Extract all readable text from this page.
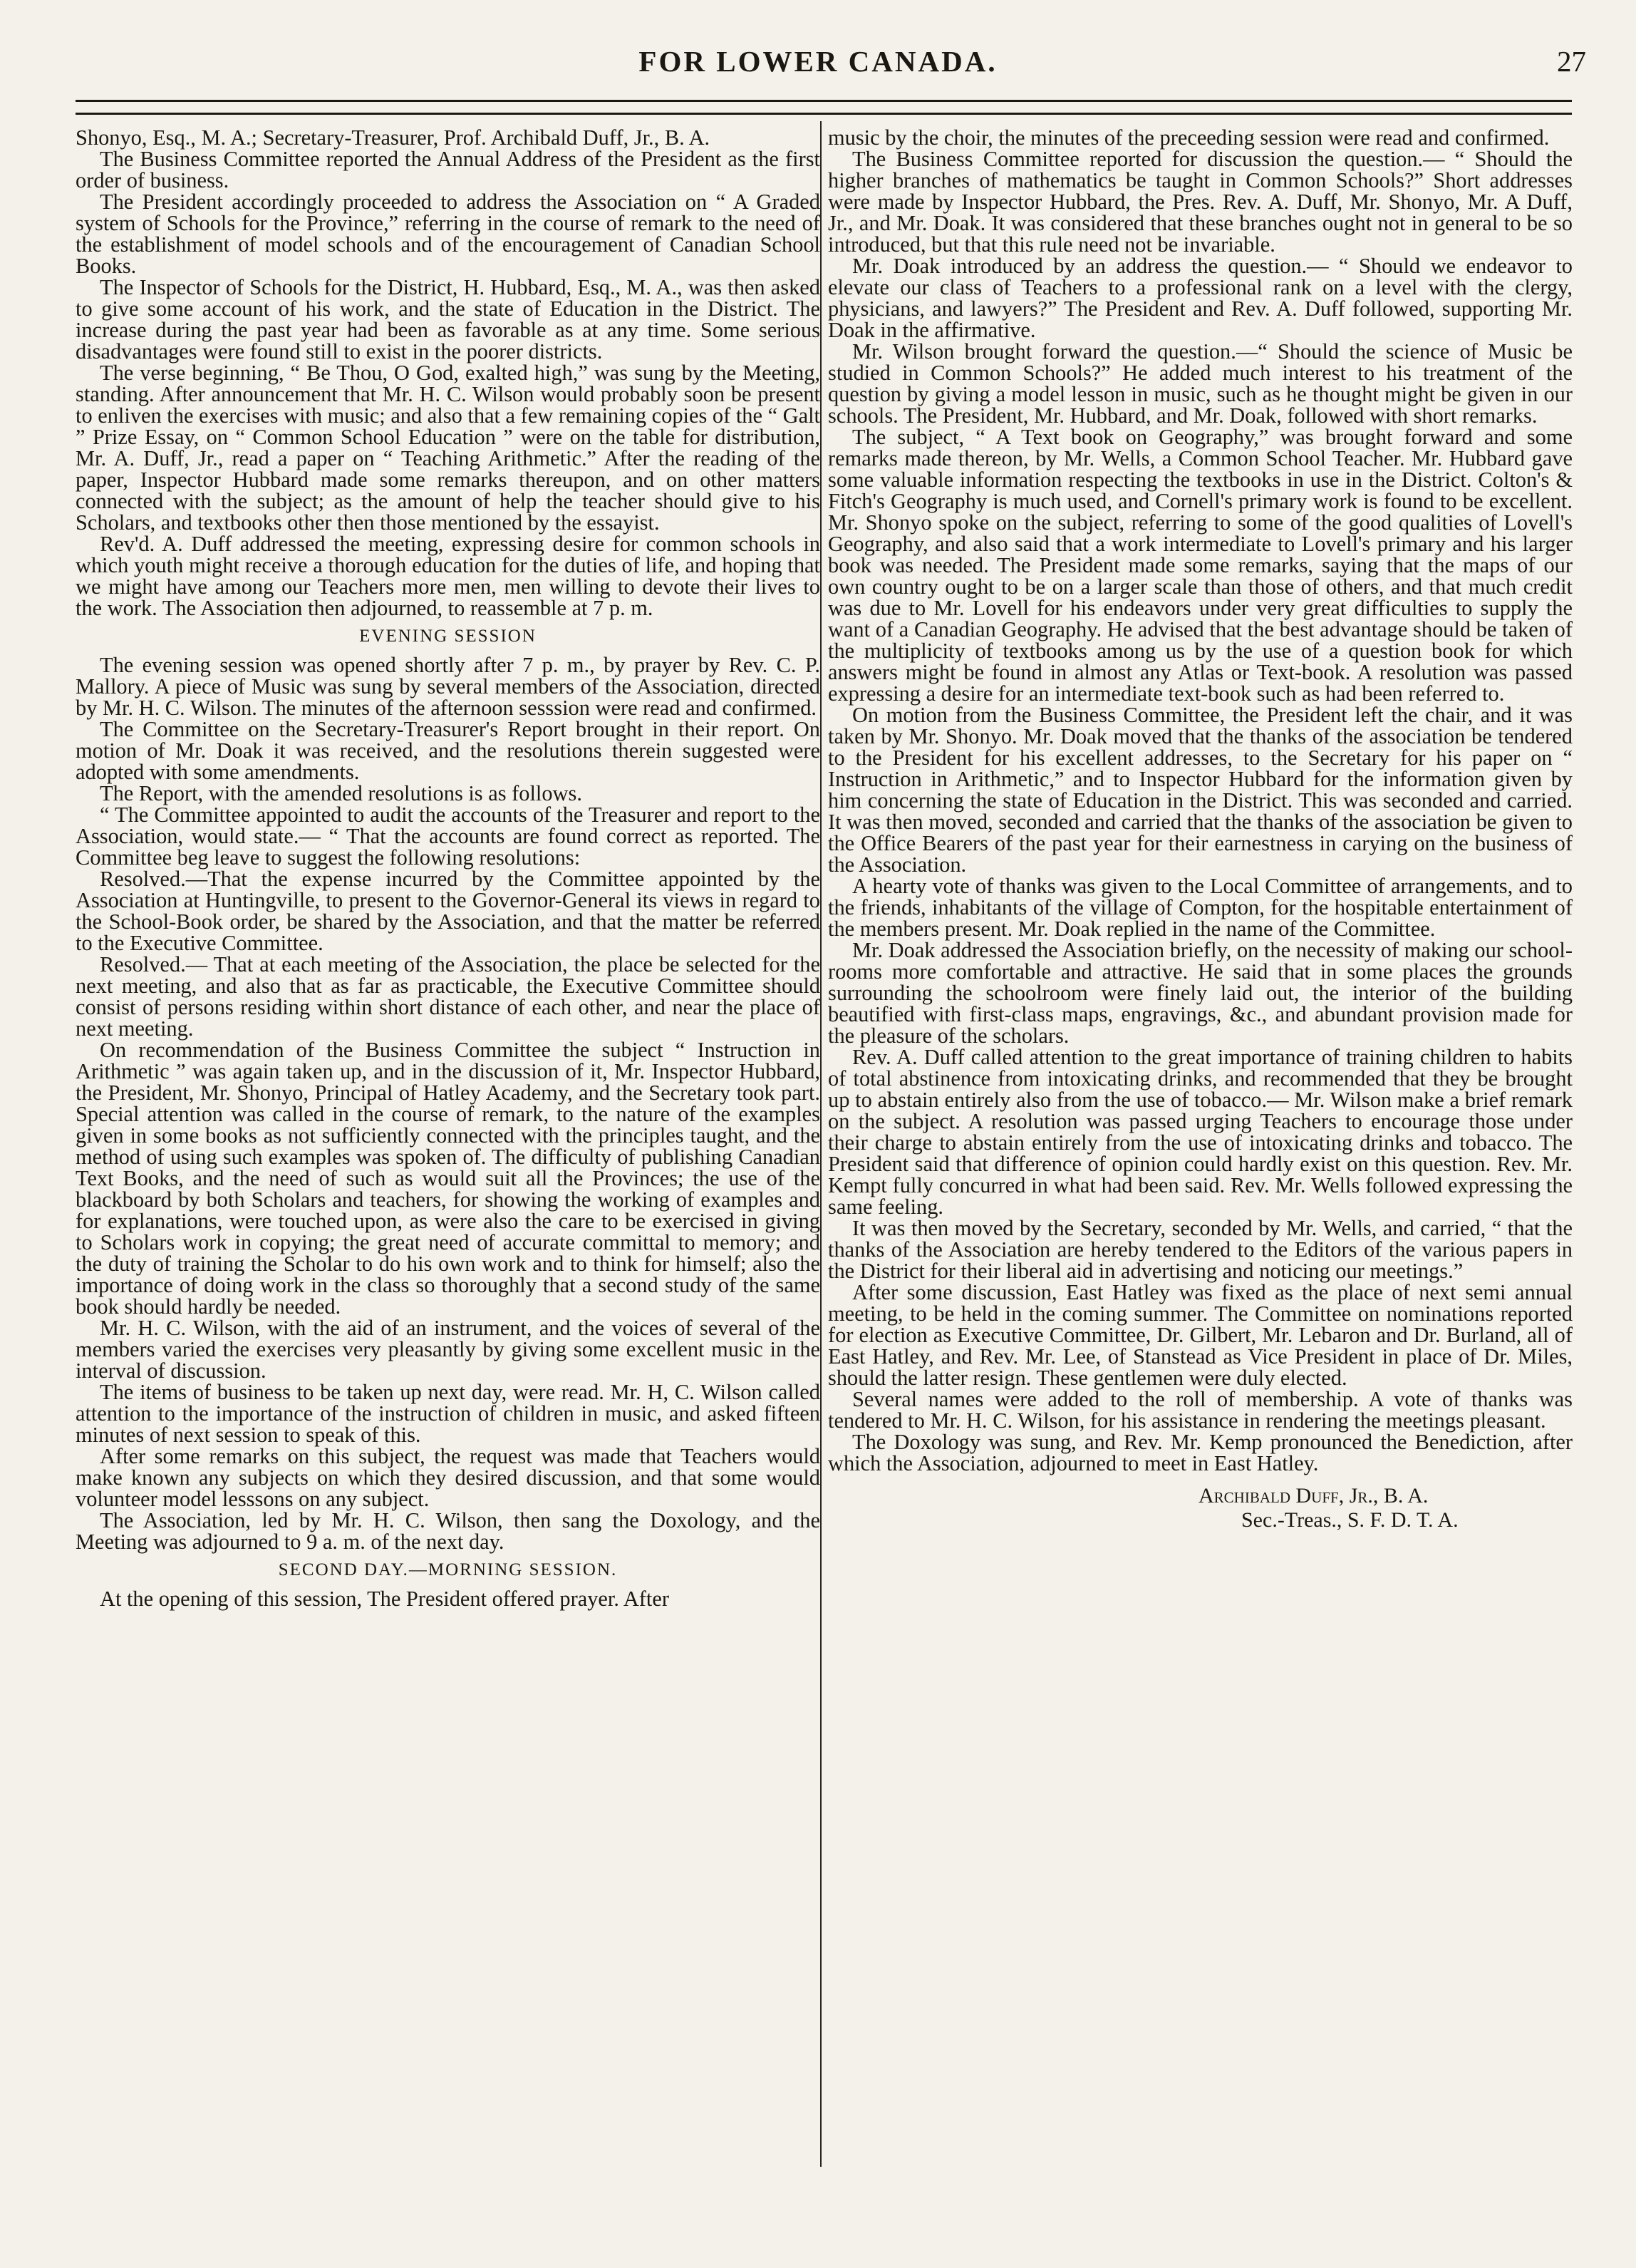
FOR LOWER CANADA.	27

Shonyo, Esq., M. A.; Secretary-Treasurer, Prof. Archibald Duff, Jr., B. A.

The Business Committee reported the Annual Address of the President as the first order of business.

The President accordingly proceeded to address the Association on “ A Graded system of Schools for the Province,” referring in the course of remark to the need of the establishment of model schools and of the encouragement of Canadian School Books.

The Inspector of Schools for the District, H. Hubbard, Esq., M. A., was then asked to give some account of his work, and the state of Education in the District. The increase during the past year had been as favorable as at any time. Some serious disadvantages were found still to exist in the poorer districts.

The verse beginning, “ Be Thou, O God, exalted high,” was sung by the Meeting, standing. After announcement that Mr. H. C. Wilson would probably soon be present to enliven the exercises with music; and also that a few remaining copies of the “ Galt ” Prize Essay, on “ Common School Education ” were on the table for distribution, Mr. A. Duff, Jr., read a paper on “ Teaching Arithmetic.” After the reading of the paper, Inspector Hubbard made some remarks thereupon, and on other matters connected with the subject; as the amount of help the teacher should give to his Scholars, and textbooks other then those mentioned by the essayist.

Rev'd. A. Duff addressed the meeting, expressing desire for common schools in which youth might receive a thorough education for the duties of life, and hoping that we might have among our Teachers more men, men willing to devote their lives to the work. The Association then adjourned, to reassemble at 7 p. m.

EVENING SESSION

The evening session was opened shortly after 7 p. m., by prayer by Rev. C. P. Mallory. A piece of Music was sung by several members of the Association, directed by Mr. H. C. Wilson. The minutes of the afternoon sesssion were read and confirmed.

The Committee on the Secretary-Treasurer's Report brought in their report. On motion of Mr. Doak it was received, and the resolutions therein suggested were adopted with some amendments.

The Report, with the amended resolutions is as follows.

“ The Committee appointed to audit the accounts of the Treasurer and report to the Association, would state.— “ That the accounts are found correct as reported. The Committee beg leave to suggest the following resolutions:

Resolved.—That the expense incurred by the Committee appointed by the Association at Huntingville, to present to the Governor-General its views in regard to the School-Book order, be shared by the Association, and that the matter be referred to the Executive Committee.

Resolved.— That at each meeting of the Association, the place be selected for the next meeting, and also that as far as practicable, the Executive Committee should consist of persons residing within short distance of each other, and near the place of next meeting.

On recommendation of the Business Committee the subject “ Instruction in Arithmetic ” was again taken up, and in the discussion of it, Mr. Inspector Hubbard, the President, Mr. Shonyo, Principal of Hatley Academy, and the Secretary took part. Special attention was called in the course of remark, to the nature of the examples given in some books as not sufficiently connected with the principles taught, and the method of using such examples was spoken of. The difficulty of publishing Canadian Text Books, and the need of such as would suit all the Provinces; the use of the blackboard by both Scholars and teachers, for showing the working of examples and for explanations, were touched upon, as were also the care to be exercised in giving to Scholars work in copying; the great need of accurate committal to memory; and the duty of training the Scholar to do his own work and to think for himself; also the importance of doing work in the class so thoroughly that a second study of the same book should hardly be needed.

Mr. H. C. Wilson, with the aid of an instrument, and the voices of several of the members varied the exercises very pleasantly by giving some excellent music in the interval of discussion.

The items of business to be taken up next day, were read. Mr. H, C. Wilson called attention to the importance of the instruction of children in music, and asked fifteen minutes of next session to speak of this.

After some remarks on this subject, the request was made that Teachers would make known any subjects on which they desired discussion, and that some would volunteer model lesssons on any subject.

The Association, led by Mr. H. C. Wilson, then sang the Doxology, and the Meeting was adjourned to 9 a. m. of the next day.

SECOND DAY.—MORNING SESSION.

At the opening of this session, The President offered prayer. After

music by the choir, the minutes of the preceeding session were read and confirmed.

The Business Committee reported for discussion the question.— “ Should the higher branches of mathematics be taught in Common Schools?” Short addresses were made by Inspector Hubbard, the Pres. Rev. A. Duff, Mr. Shonyo, Mr. A Duff, Jr., and Mr. Doak. It was considered that these branches ought not in general to be so introduced, but that this rule need not be invariable.

Mr. Doak introduced by an address the question.— “ Should we endeavor to elevate our class of Teachers to a professional rank on a level with the clergy, physicians, and lawyers?” The President and Rev. A. Duff followed, supporting Mr. Doak in the affirmative.

Mr. Wilson brought forward the question.—“ Should the science of Music be studied in Common Schools?” He added much interest to his treatment of the question by giving a model lesson in music, such as he thought might be given in our schools. The President, Mr. Hubbard, and Mr. Doak, followed with short remarks.

The subject, “ A Text book on Geography,” was brought forward and some remarks made thereon, by Mr. Wells, a Common School Teacher. Mr. Hubbard gave some valuable information respecting the textbooks in use in the District. Colton's & Fitch's Geography is much used, and Cornell's primary work is found to be excellent. Mr. Shonyo spoke on the subject, referring to some of the good qualities of Lovell's Geography, and also said that a work intermediate to Lovell's primary and his larger book was needed. The President made some remarks, saying that the maps of our own country ought to be on a larger scale than those of others, and that much credit was due to Mr. Lovell for his endeavors under very great difficulties to supply the want of a Canadian Geography. He advised that the best advantage should be taken of the multiplicity of textbooks among us by the use of a question book for which answers might be found in almost any Atlas or Text-book. A resolution was passed expressing a desire for an intermediate text-book such as had been referred to.

On motion from the Business Committee, the President left the chair, and it was taken by Mr. Shonyo. Mr. Doak moved that the thanks of the association be tendered to the President for his excellent addresses, to the Secretary for his paper on “ Instruction in Arithmetic,” and to Inspector Hubbard for the information given by him concerning the state of Education in the District. This was seconded and carried. It was then moved, seconded and carried that the thanks of the association be given to the Office Bearers of the past year for their earnestness in carying on the business of the Association.

A hearty vote of thanks was given to the Local Committee of arrangements, and to the friends, inhabitants of the village of Compton, for the hospitable entertainment of the members present. Mr. Doak replied in the name of the Committee.

Mr. Doak addressed the Association briefly, on the necessity of making our school-rooms more comfortable and attractive. He said that in some places the grounds surrounding the schoolroom were finely laid out, the interior of the building beautified with first-class maps, engravings, &c., and abundant provision made for the pleasure of the scholars.

Rev. A. Duff called attention to the great importance of training children to habits of total abstinence from intoxicating drinks, and recommended that they be brought up to abstain entirely also from the use of tobacco.— Mr. Wilson make a brief remark on the subject. A resolution was passed urging Teachers to encourage those under their charge to abstain entirely from the use of intoxicating drinks and tobacco. The President said that difference of opinion could hardly exist on this question. Rev. Mr. Kempt fully concurred in what had been said. Rev. Mr. Wells followed expressing the same feeling.

It was then moved by the Secretary, seconded by Mr. Wells, and carried, “ that the thanks of the Association are hereby tendered to the Editors of the various papers in the District for their liberal aid in advertising and noticing our meetings.”

After some discussion, East Hatley was fixed as the place of next semi annual meeting, to be held in the coming summer. The Committee on nominations reported for election as Executive Committee, Dr. Gilbert, Mr. Lebaron and Dr. Burland, all of East Hatley, and Rev. Mr. Lee, of Stanstead as Vice President in place of Dr. Miles, should the latter resign. These gentlemen were duly elected.

Several names were added to the roll of membership. A vote of thanks was tendered to Mr. H. C. Wilson, for his assistance in rendering the meetings pleasant.

The Doxology was sung, and Rev. Mr. Kemp pronounced the Benediction, after which the Association, adjourned to meet in East Hatley.

Archibald Duff, Jr., B. A.
Sec.-Treas., S. F. D. T. A.
